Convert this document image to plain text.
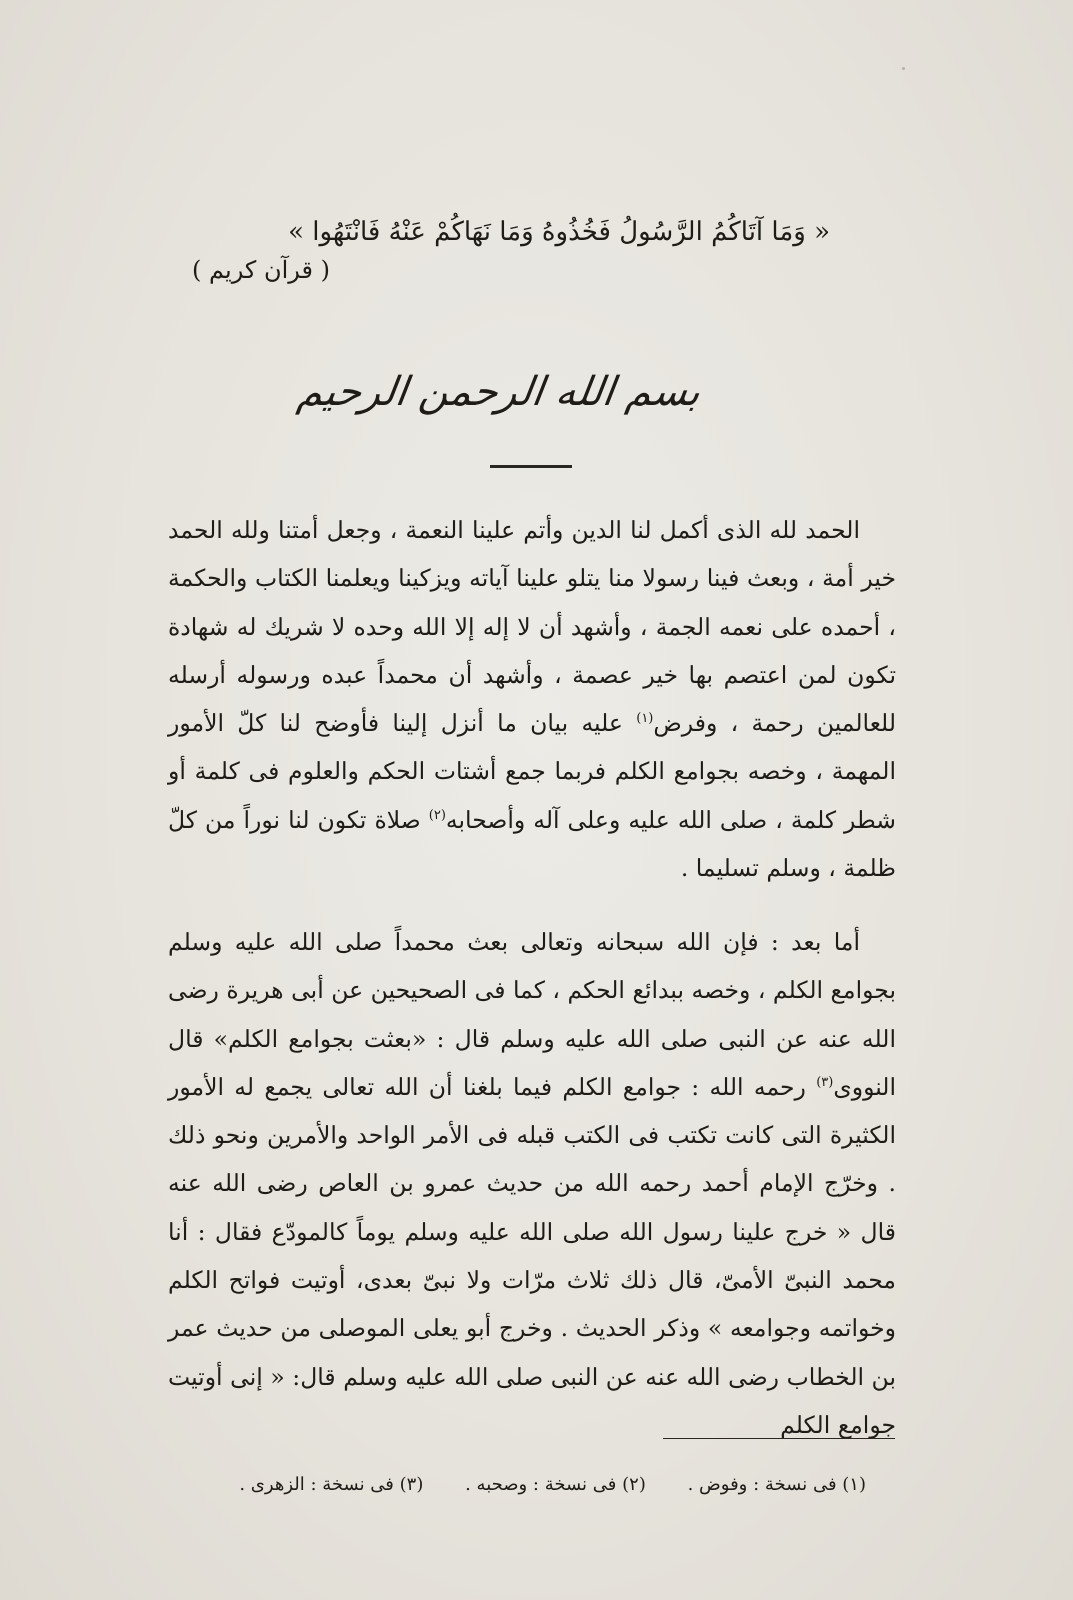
« وَمَا آتَاكُمُ الرَّسُولُ فَخُذُوهُ وَمَا نَهَاكُمْ عَنْهُ فَانْتَهُوا »
( قرآن كريم )
بسم الله الرحمن الرحيم

الحمد لله الذى أكمل لنا الدين وأتم علينا النعمة ، وجعل أمتنا ولله الحمد خير أمة ، وبعث فينا رسولا منا يتلو علينا آياته ويزكينا ويعلمنا الكتاب والحكمة ، أحمده على نعمه الجمة ، وأشهد أن لا إله إلا الله وحده لا شريك له شهادة تكون لمن اعتصم بها خير عصمة ، وأشهد أن محمداً عبده ورسوله أرسله للعالمين رحمة ، وفرض$^{(١)}$ عليه بيان ما أنزل إلينا فأوضح لنا كلّ الأمور المهمة ، وخصه بجوامع الكلم فربما جمع أشتات الحكم والعلوم فى كلمة أو شطر كلمة ، صلى الله عليه وعلى آله وأصحابه$^{(٢)}$ صلاة تكون لنا نوراً من كلّ ظلمة ، وسلم تسليما .

أما بعد : فإن الله سبحانه وتعالى بعث محمداً صلى الله عليه وسلم بجوامع الكلم ، وخصه ببدائع الحكم ، كما فى الصحيحين عن أبى هريرة رضى الله عنه عن النبى صلى الله عليه وسلم قال : «بعثت بجوامع الكلم» قال النووى$^{(٣)}$ رحمه الله : جوامع الكلم فيما بلغنا أن الله تعالى يجمع له الأمور الكثيرة التى كانت تكتب فى الكتب قبله فى الأمر الواحد والأمرين ونحو ذلك . وخرّج الإمام أحمد رحمه الله من حديث عمرو بن العاص رضى الله عنه قال « خرج علينا رسول الله صلى الله عليه وسلم يوماً كالمودّع فقال : أنا محمد النبىّ الأمىّ، قال ذلك ثلاث مرّات ولا نبىّ بعدى، أوتيت فواتح الكلم وخواتمه وجوامعه » وذكر الحديث . وخرج أبو يعلى الموصلى من حديث عمر بن الخطاب رضى الله عنه عن النبى صلى الله عليه وسلم قال: « إنى أوتيت جوامع الكلم

(١) فى نسخة : وفوض . (٢) فى نسخة : وصحبه . (٣) فى نسخة : الزهرى .
